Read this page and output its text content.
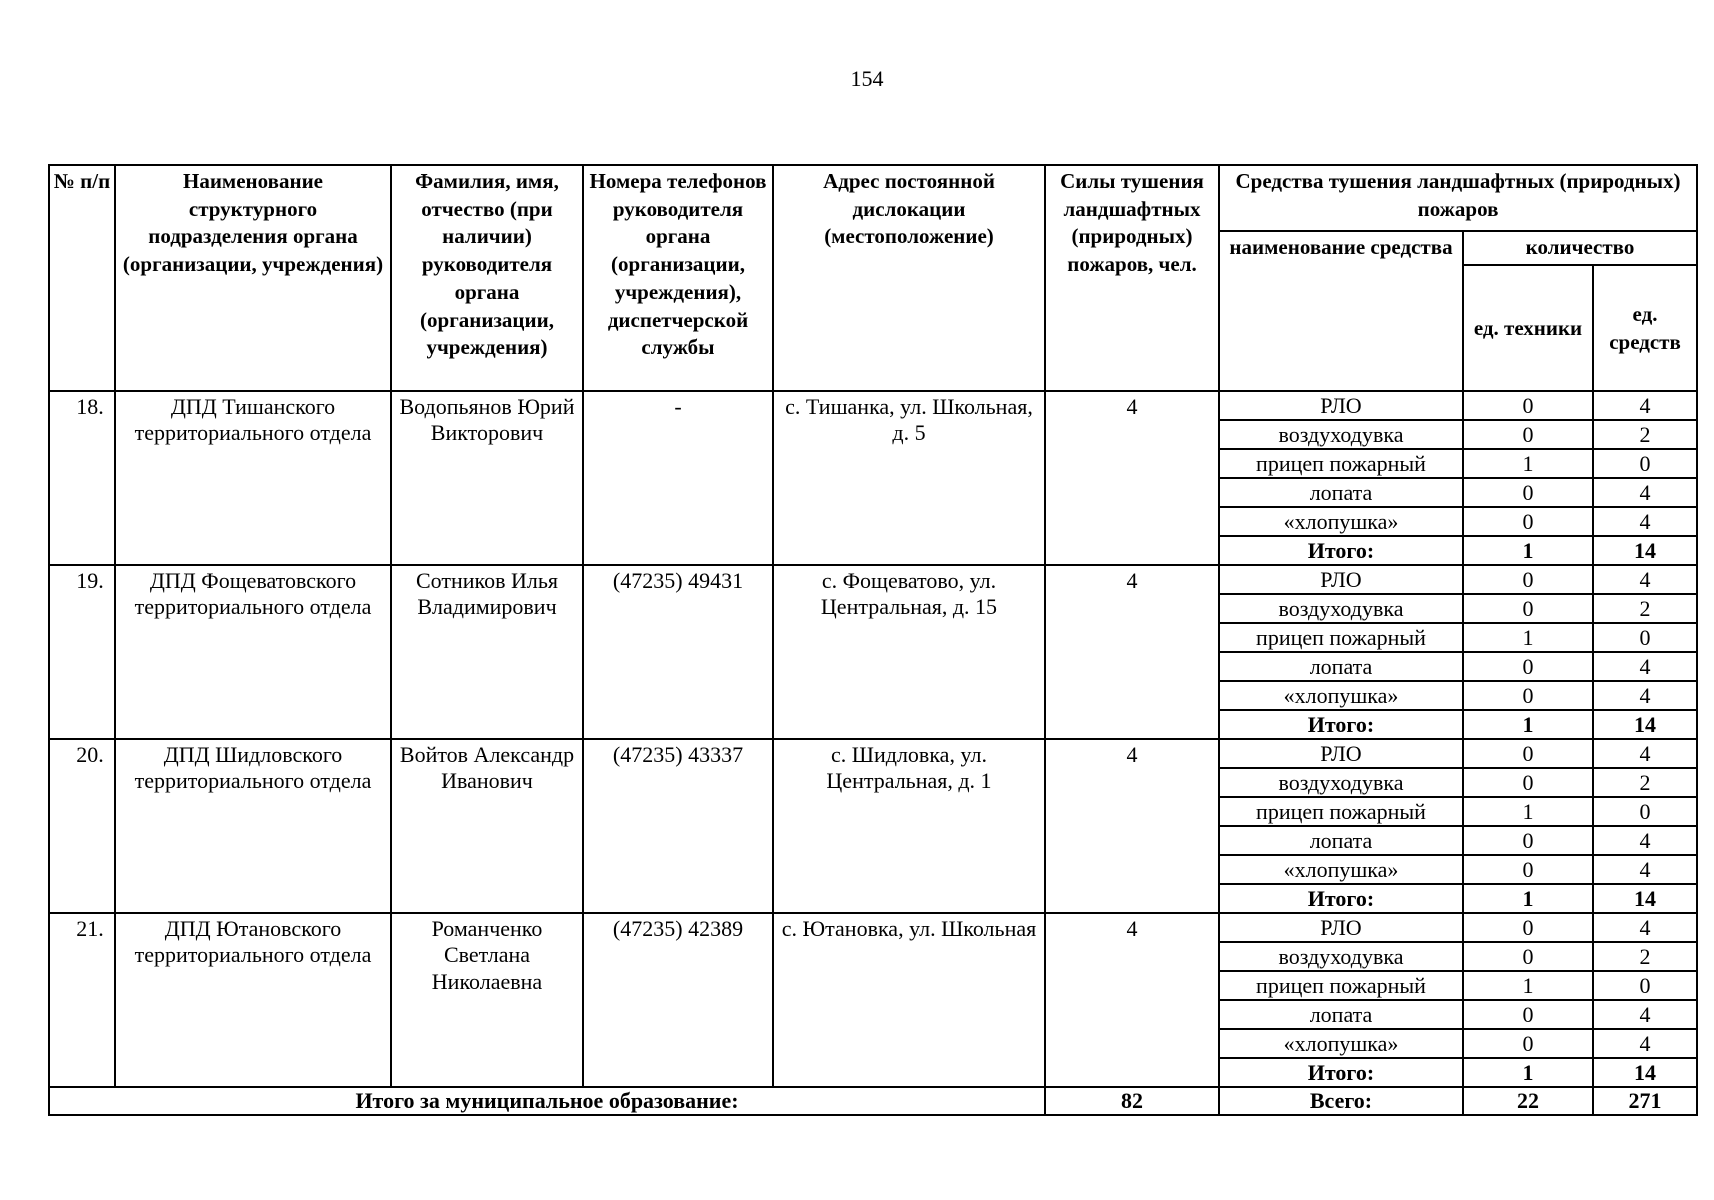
154
№ п/п	Наименование структурного подразделения органа (организации, учреждения)	Фамилия, имя, отчество (при наличии) руководителя органа (организации, учреждения)	Номера телефонов руководителя органа (организации, учреждения), диспетчерской службы	Адрес постоянной дислокации (местоположение)	Силы тушения ландшафтных (природных) пожаров, чел.	Средства тушения ландшафтных (природных) пожаров		
						наименование средства	количество	
							ед. техники	ед. средств
18.	ДПД Тишанского территориального отдела	Водопьянов Юрий Викторович	-	с. Тишанка, ул. Школьная, д. 5	4	РЛО	0	4
						воздуходувка	0	2
						прицеп пожарный	1	0
						лопата	0	4
						«хлопушка»	0	4
						Итого:	1	14
19.	ДПД Фощеватовского территориального отдела	Сотников Илья Владимирович	(47235) 49431	с. Фощеватово, ул. Центральная, д. 15	4	РЛО	0	4
						воздуходувка	0	2
						прицеп пожарный	1	0
						лопата	0	4
						«хлопушка»	0	4
						Итого:	1	14
20.	ДПД Шидловского территориального отдела	Войтов Александр Иванович	(47235) 43337	с. Шидловка, ул. Центральная, д. 1	4	РЛО	0	4
						воздуходувка	0	2
						прицеп пожарный	1	0
						лопата	0	4
						«хлопушка»	0	4
						Итого:	1	14
21.	ДПД Ютановского территориального отдела	Романченко Светлана Николаевна	(47235) 42389	с. Ютановка, ул. Школьная	4	РЛО	0	4
						воздуходувка	0	2
						прицеп пожарный	1	0
						лопата	0	4
						«хлопушка»	0	4
						Итого:	1	14
Итого за муниципальное образование:					82	Всего:	22	271
